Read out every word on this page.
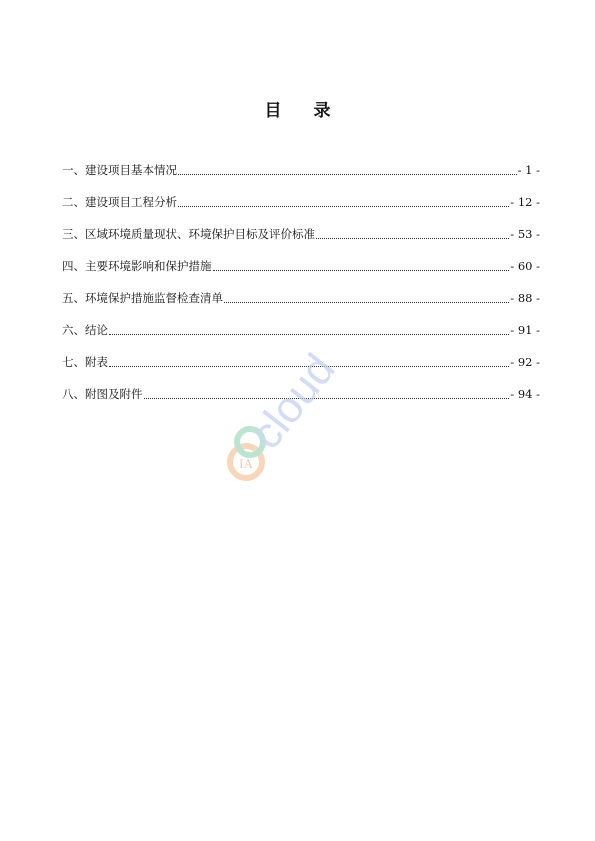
目 录
一、建设项目基本情况	- 1 -
二、建设项目工程分析	- 12 -
三、区域环境质量现状、环境保护目标及评价标准	- 53 -
四、主要环境影响和保护措施	- 60 -
五、环境保护措施监督检查清单	- 88 -
六、结论	- 91 -
七、附表	- 92 -
八、附图及附件	- 94 -
IA
cloud
